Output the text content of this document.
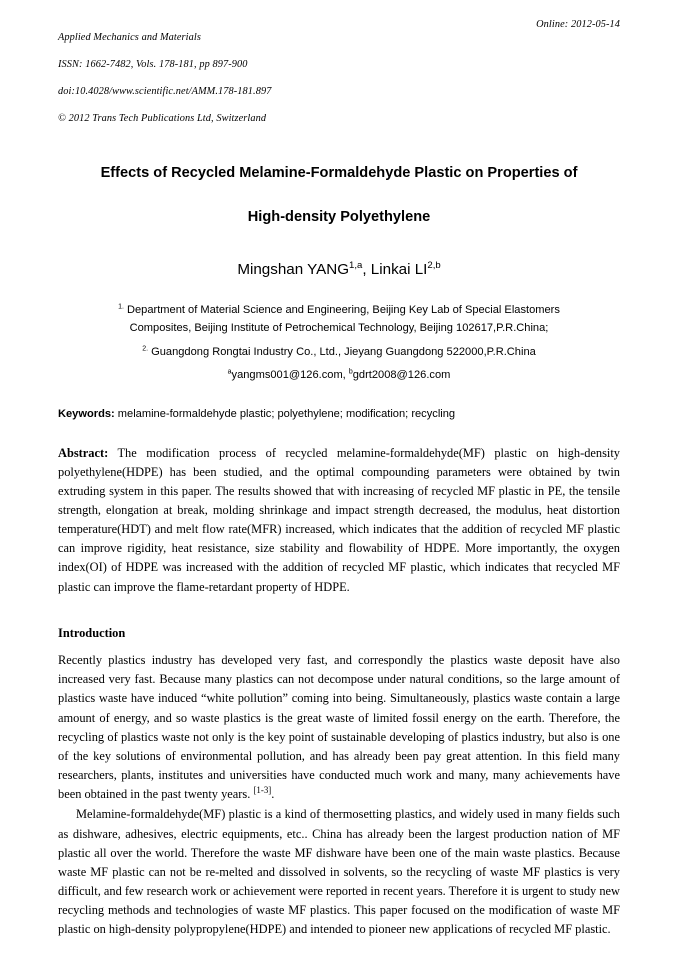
Applied Mechanics and Materials

ISSN: 1662-7482, Vols. 178-181, pp 897-900

doi:10.4028/www.scientific.net/AMM.178-181.897

© 2012 Trans Tech Publications Ltd, Switzerland

Online: 2012-05-14
Effects of Recycled Melamine-Formaldehyde Plastic on Properties of
High-density Polyethylene
Mingshan YANG$^{1,a}$, Linkai LI$^{2,b}$
$^{1.}$ Department of Material Science and Engineering, Beijing Key Lab of Special Elastomers
Composites, Beijing Institute of Petrochemical Technology, Beijing 102617,P.R.China;
$^{2.}$ Guangdong Rongtai Industry Co., Ltd., Jieyang Guangdong 522000,P.R.China
$^a$yangms001@126.com, $^b$gdrt2008@126.com
Keywords: melamine-formaldehyde plastic; polyethylene; modification; recycling
Abstract: The modification process of recycled melamine-formaldehyde(MF) plastic on high-density polyethylene(HDPE) has been studied, and the optimal compounding parameters were obtained by twin extruding system in this paper. The results showed that with increasing of recycled MF plastic in PE, the tensile strength, elongation at break, molding shrinkage and impact strength decreased, the modulus, heat distortion temperature(HDT) and melt flow rate(MFR) increased, which indicates that the addition of recycled MF plastic can improve rigidity, heat resistance, size stability and flowability of HDPE. More importantly, the oxygen index(OI) of HDPE was increased with the addition of recycled MF plastic, which indicates that recycled MF plastic can improve the flame-retardant property of HDPE.
Introduction
Recently plastics industry has developed very fast, and correspondly the plastics waste deposit have also increased very fast. Because many plastics can not decompose under natural conditions, so the large amount of plastics waste have induced “white pollution” coming into being. Simultaneously, plastics waste contain a large amount of energy, and so waste plastics is the great waste of limited fossil energy on the earth. Therefore, the recycling of plastics waste not only is the key point of sustainable developing of plastics industry, but also is one of the key solutions of environmental pollution, and has already been pay great attention. In this field many researchers, plants, institutes and universities have conducted much work and many, many achievements have been obtained in the past twenty years. [1-3].
Melamine-formaldehyde(MF) plastic is a kind of thermosetting plastics, and widely used in many fields such as dishware, adhesives, electric equipments, etc.. China has already been the largest production nation of MF plastic all over the world. Therefore the waste MF dishware have been one of the main waste plastics. Because waste MF plastic can not be re-melted and dissolved in solvents, so the recycling of waste MF plastics is very difficult, and few research work or achievement were reported in recent years. Therefore it is urgent to study new recycling methods and technologies of waste MF plastics. This paper focused on the modification of waste MF plastic on high-density polypropylene(HDPE) and intended to pioneer new applications of recycled MF plastic.
